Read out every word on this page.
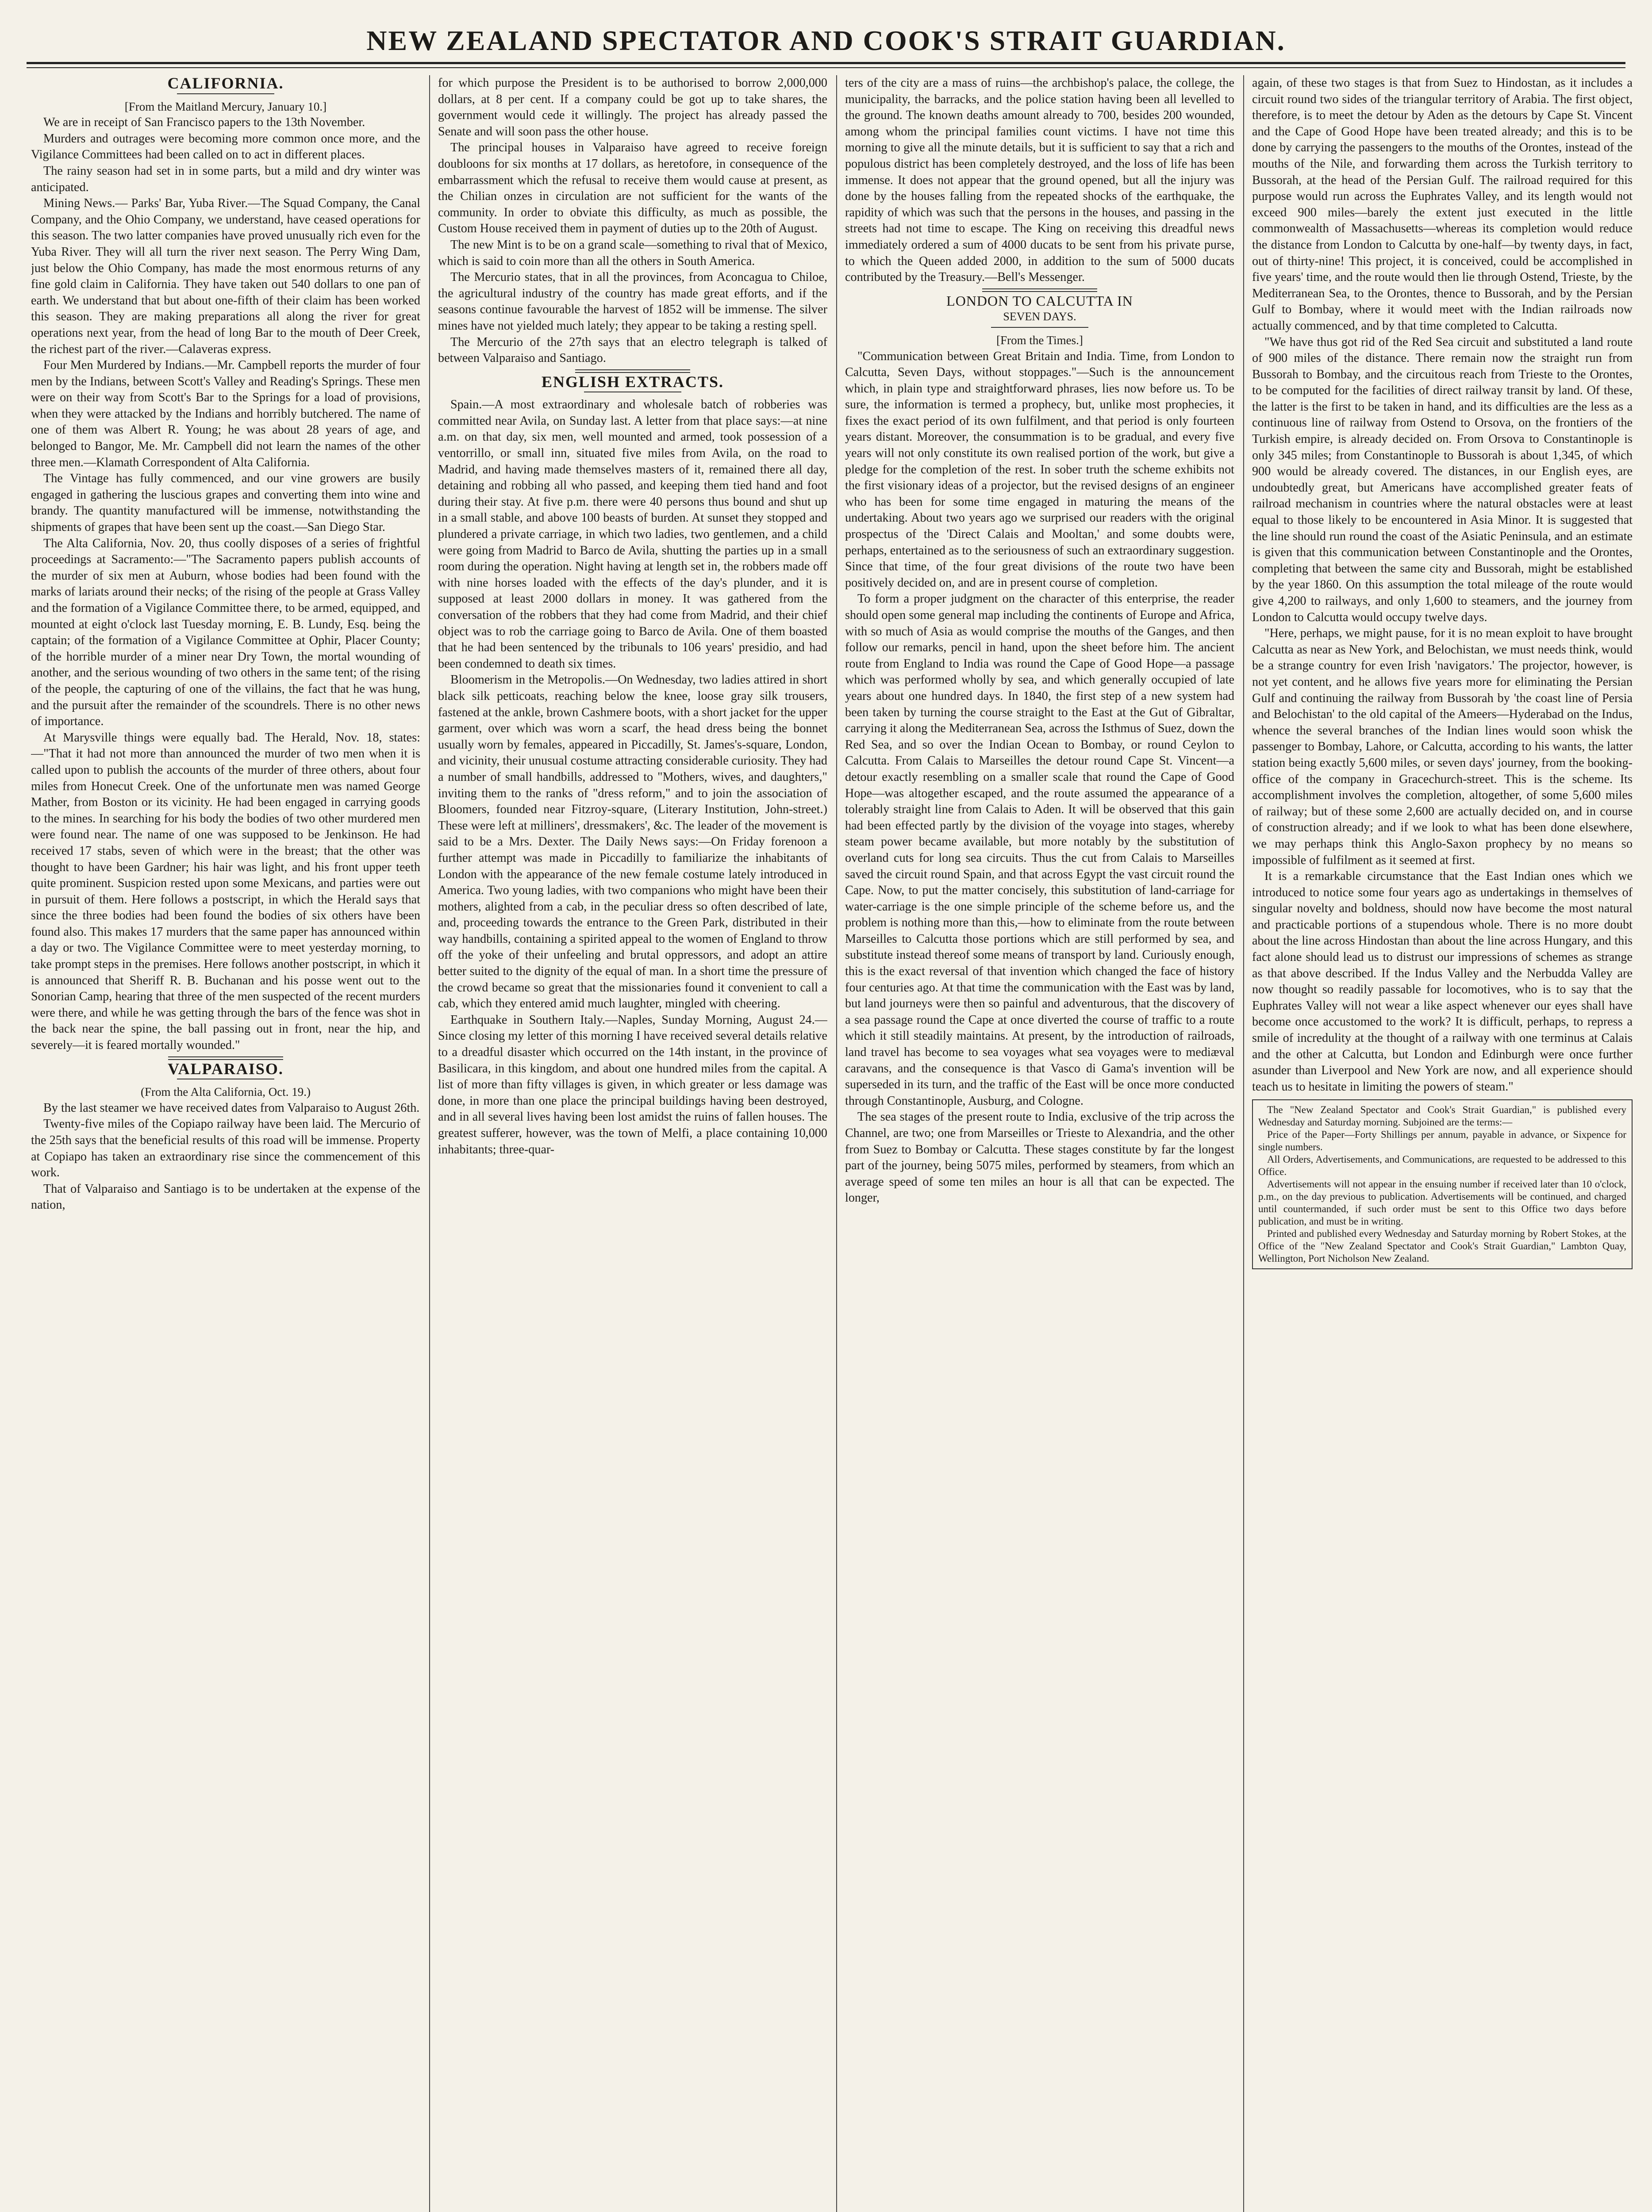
NEW ZEALAND SPECTATOR AND COOK'S STRAIT GUARDIAN.

CALIFORNIA.

[From the Maitland Mercury, January 10.]

We are in receipt of San Francisco papers to the 13th November.

Murders and outrages were becoming more common once more, and the Vigilance Committees had been called on to act in different places.

The rainy season had set in in some parts, but a mild and dry winter was anticipated.

Mining News.— Parks' Bar, Yuba River.—The Squad Company, the Canal Company, and the Ohio Company, we understand, have ceased operations for this season. The two latter companies have proved unusually rich even for the Yuba River. They will all turn the river next season. The Perry Wing Dam, just below the Ohio Company, has made the most enormous returns of any fine gold claim in California. They have taken out 540 dollars to one pan of earth. We understand that but about one-fifth of their claim has been worked this season. They are making preparations all along the river for great operations next year, from the head of long Bar to the mouth of Deer Creek, the richest part of the river.—Calaveras express.

Four Men Murdered by Indians.—Mr. Campbell reports the murder of four men by the Indians, between Scott's Valley and Reading's Springs. These men were on their way from Scott's Bar to the Springs for a load of provisions, when they were attacked by the Indians and horribly butchered. The name of one of them was Albert R. Young; he was about 28 years of age, and belonged to Bangor, Me. Mr. Campbell did not learn the names of the other three men.—Klamath Correspondent of Alta California.

The Vintage has fully commenced, and our vine growers are busily engaged in gathering the luscious grapes and converting them into wine and brandy. The quantity manufactured will be immense, notwithstanding the shipments of grapes that have been sent up the coast.—San Diego Star.

The Alta California, Nov. 20, thus coolly disposes of a series of frightful proceedings at Sacramento:—"The Sacramento papers publish accounts of the murder of six men at Auburn, whose bodies had been found with the marks of lariats around their necks; of the rising of the people at Grass Valley and the formation of a Vigilance Committee there, to be armed, equipped, and mounted at eight o'clock last Tuesday morning, E. B. Lundy, Esq. being the captain; of the formation of a Vigilance Committee at Ophir, Placer County; of the horrible murder of a miner near Dry Town, the mortal wounding of another, and the serious wounding of two others in the same tent; of the rising of the people, the capturing of one of the villains, the fact that he was hung, and the pursuit after the remainder of the scoundrels. There is no other news of importance.

At Marysville things were equally bad. The Herald, Nov. 18, states:—"That it had not more than announced the murder of two men when it is called upon to publish the accounts of the murder of three others, about four miles from Honecut Creek. One of the unfortunate men was named George Mather, from Boston or its vicinity. He had been engaged in carrying goods to the mines. In searching for his body the bodies of two other murdered men were found near. The name of one was supposed to be Jenkinson. He had received 17 stabs, seven of which were in the breast; that the other was thought to have been Gardner; his hair was light, and his front upper teeth quite prominent. Suspicion rested upon some Mexicans, and parties were out in pursuit of them. Here follows a postscript, in which the Herald says that since the three bodies had been found the bodies of six others have been found also. This makes 17 murders that the same paper has announced within a day or two. The Vigilance Committee were to meet yesterday morning, to take prompt steps in the premises. Here follows another postscript, in which it is announced that Sheriff R. B. Buchanan and his posse went out to the Sonorian Camp, hearing that three of the men suspected of the recent murders were there, and while he was getting through the bars of the fence was shot in the back near the spine, the ball passing out in front, near the hip, and severely—it is feared mortally wounded."

VALPARAISO.

(From the Alta California, Oct. 19.)

By the last steamer we have received dates from Valparaiso to August 26th.

Twenty-five miles of the Copiapo railway have been laid. The Mercurio of the 25th says that the beneficial results of this road will be immense. Property at Copiapo has taken an extraordinary rise since the commencement of this work.

That of Valparaiso and Santiago is to be undertaken at the expense of the nation,

for which purpose the President is to be authorised to borrow 2,000,000 dollars, at 8 per cent. If a company could be got up to take shares, the government would cede it willingly. The project has already passed the Senate and will soon pass the other house.

The principal houses in Valparaiso have agreed to receive foreign doubloons for six months at 17 dollars, as heretofore, in consequence of the embarrassment which the refusal to receive them would cause at present, as the Chilian onzes in circulation are not sufficient for the wants of the community. In order to obviate this difficulty, as much as possible, the Custom House received them in payment of duties up to the 20th of August.

The new Mint is to be on a grand scale—something to rival that of Mexico, which is said to coin more than all the others in South America.

The Mercurio states, that in all the provinces, from Aconcagua to Chiloe, the agricultural industry of the country has made great efforts, and if the seasons continue favourable the harvest of 1852 will be immense. The silver mines have not yielded much lately; they appear to be taking a resting spell.

The Mercurio of the 27th says that an electro telegraph is talked of between Valparaiso and Santiago.

ENGLISH EXTRACTS.

Spain.—A most extraordinary and wholesale batch of robberies was committed near Avila, on Sunday last. A letter from that place says:—at nine a.m. on that day, six men, well mounted and armed, took possession of a ventorrillo, or small inn, situated five miles from Avila, on the road to Madrid, and having made themselves masters of it, remained there all day, detaining and robbing all who passed, and keeping them tied hand and foot during their stay. At five p.m. there were 40 persons thus bound and shut up in a small stable, and above 100 beasts of burden. At sunset they stopped and plundered a private carriage, in which two ladies, two gentlemen, and a child were going from Madrid to Barco de Avila, shutting the parties up in a small room during the operation. Night having at length set in, the robbers made off with nine horses loaded with the effects of the day's plunder, and it is supposed at least 2000 dollars in money. It was gathered from the conversation of the robbers that they had come from Madrid, and their chief object was to rob the carriage going to Barco de Avila. One of them boasted that he had been sentenced by the tribunals to 106 years' presidio, and had been condemned to death six times.

Bloomerism in the Metropolis.—On Wednesday, two ladies attired in short black silk petticoats, reaching below the knee, loose gray silk trousers, fastened at the ankle, brown Cashmere boots, with a short jacket for the upper garment, over which was worn a scarf, the head dress being the bonnet usually worn by females, appeared in Piccadilly, St. James's-square, London, and vicinity, their unusual costume attracting considerable curiosity. They had a number of small handbills, addressed to "Mothers, wives, and daughters," inviting them to the ranks of "dress reform," and to join the association of Bloomers, founded near Fitzroy-square, (Literary Institution, John-street.) These were left at milliners', dressmakers', &c. The leader of the movement is said to be a Mrs. Dexter. The Daily News says:—On Friday forenoon a further attempt was made in Piccadilly to familiarize the inhabitants of London with the appearance of the new female costume lately introduced in America. Two young ladies, with two companions who might have been their mothers, alighted from a cab, in the peculiar dress so often described of late, and, proceeding towards the entrance to the Green Park, distributed in their way handbills, containing a spirited appeal to the women of England to throw off the yoke of their unfeeling and brutal oppressors, and adopt an attire better suited to the dignity of the equal of man. In a short time the pressure of the crowd became so great that the missionaries found it convenient to call a cab, which they entered amid much laughter, mingled with cheering.

Earthquake in Southern Italy.—Naples, Sunday Morning, August 24.—Since closing my letter of this morning I have received several details relative to a dreadful disaster which occurred on the 14th instant, in the province of Basilicara, in this kingdom, and about one hundred miles from the capital. A list of more than fifty villages is given, in which greater or less damage was done, in more than one place the principal buildings having been destroyed, and in all several lives having been lost amidst the ruins of fallen houses. The greatest sufferer, however, was the town of Melfi, a place containing 10,000 inhabitants; three-quar-

ters of the city are a mass of ruins—the archbishop's palace, the college, the municipality, the barracks, and the police station having been all levelled to the ground. The known deaths amount already to 700, besides 200 wounded, among whom the principal families count victims. I have not time this morning to give all the minute details, but it is sufficient to say that a rich and populous district has been completely destroyed, and the loss of life has been immense. It does not appear that the ground opened, but all the injury was done by the houses falling from the repeated shocks of the earthquake, the rapidity of which was such that the persons in the houses, and passing in the streets had not time to escape. The King on receiving this dreadful news immediately ordered a sum of 4000 ducats to be sent from his private purse, to which the Queen added 2000, in addition to the sum of 5000 ducats contributed by the Treasury.—Bell's Messenger.

LONDON TO CALCUTTA IN

SEVEN DAYS.

[From the Times.]

"Communication between Great Britain and India. Time, from London to Calcutta, Seven Days, without stoppages."—Such is the announcement which, in plain type and straightforward phrases, lies now before us. To be sure, the information is termed a prophecy, but, unlike most prophecies, it fixes the exact period of its own fulfilment, and that period is only fourteen years distant. Moreover, the consummation is to be gradual, and every five years will not only constitute its own realised portion of the work, but give a pledge for the completion of the rest. In sober truth the scheme exhibits not the first visionary ideas of a projector, but the revised designs of an engineer who has been for some time engaged in maturing the means of the undertaking. About two years ago we surprised our readers with the original prospectus of the 'Direct Calais and Mooltan,' and some doubts were, perhaps, entertained as to the seriousness of such an extraordinary suggestion. Since that time, of the four great divisions of the route two have been positively decided on, and are in present course of completion.

To form a proper judgment on the character of this enterprise, the reader should open some general map including the continents of Europe and Africa, with so much of Asia as would comprise the mouths of the Ganges, and then follow our remarks, pencil in hand, upon the sheet before him. The ancient route from England to India was round the Cape of Good Hope—a passage which was performed wholly by sea, and which generally occupied of late years about one hundred days. In 1840, the first step of a new system had been taken by turning the course straight to the East at the Gut of Gibraltar, carrying it along the Mediterranean Sea, across the Isthmus of Suez, down the Red Sea, and so over the Indian Ocean to Bombay, or round Ceylon to Calcutta. From Calais to Marseilles the detour round Cape St. Vincent—a detour exactly resembling on a smaller scale that round the Cape of Good Hope—was altogether escaped, and the route assumed the appearance of a tolerably straight line from Calais to Aden. It will be observed that this gain had been effected partly by the division of the voyage into stages, whereby steam power became available, but more notably by the substitution of overland cuts for long sea circuits. Thus the cut from Calais to Marseilles saved the circuit round Spain, and that across Egypt the vast circuit round the Cape. Now, to put the matter concisely, this substitution of land-carriage for water-carriage is the one simple principle of the scheme before us, and the problem is nothing more than this,—how to eliminate from the route between Marseilles to Calcutta those portions which are still performed by sea, and substitute instead thereof some means of transport by land. Curiously enough, this is the exact reversal of that invention which changed the face of history four centuries ago. At that time the communication with the East was by land, but land journeys were then so painful and adventurous, that the discovery of a sea passage round the Cape at once diverted the course of traffic to a route which it still steadily maintains. At present, by the introduction of railroads, land travel has become to sea voyages what sea voyages were to mediæval caravans, and the consequence is that Vasco di Gama's invention will be superseded in its turn, and the traffic of the East will be once more conducted through Constantinople, Ausburg, and Cologne.

The sea stages of the present route to India, exclusive of the trip across the Channel, are two; one from Marseilles or Trieste to Alexandria, and the other from Suez to Bombay or Calcutta. These stages constitute by far the longest part of the journey, being 5075 miles, performed by steamers, from which an average speed of some ten miles an hour is all that can be expected. The longer,

again, of these two stages is that from Suez to Hindostan, as it includes a circuit round two sides of the triangular territory of Arabia. The first object, therefore, is to meet the detour by Aden as the detours by Cape St. Vincent and the Cape of Good Hope have been treated already; and this is to be done by carrying the passengers to the mouths of the Orontes, instead of the mouths of the Nile, and forwarding them across the Turkish territory to Bussorah, at the head of the Persian Gulf. The railroad required for this purpose would run across the Euphrates Valley, and its length would not exceed 900 miles—barely the extent just executed in the little commonwealth of Massachusetts—whereas its completion would reduce the distance from London to Calcutta by one-half—by twenty days, in fact, out of thirty-nine! This project, it is conceived, could be accomplished in five years' time, and the route would then lie through Ostend, Trieste, by the Mediterranean Sea, to the Orontes, thence to Bussorah, and by the Persian Gulf to Bombay, where it would meet with the Indian railroads now actually commenced, and by that time completed to Calcutta.

"We have thus got rid of the Red Sea circuit and substituted a land route of 900 miles of the distance. There remain now the straight run from Bussorah to Bombay, and the circuitous reach from Trieste to the Orontes, to be computed for the facilities of direct railway transit by land. Of these, the latter is the first to be taken in hand, and its difficulties are the less as a continuous line of railway from Ostend to Orsova, on the frontiers of the Turkish empire, is already decided on. From Orsova to Constantinople is only 345 miles; from Constantinople to Bussorah is about 1,345, of which 900 would be already covered. The distances, in our English eyes, are undoubtedly great, but Americans have accomplished greater feats of railroad mechanism in countries where the natural obstacles were at least equal to those likely to be encountered in Asia Minor. It is suggested that the line should run round the coast of the Asiatic Peninsula, and an estimate is given that this communication between Constantinople and the Orontes, completing that between the same city and Bussorah, might be established by the year 1860. On this assumption the total mileage of the route would give 4,200 to railways, and only 1,600 to steamers, and the journey from London to Calcutta would occupy twelve days.

"Here, perhaps, we might pause, for it is no mean exploit to have brought Calcutta as near as New York, and Belochistan, we must needs think, would be a strange country for even Irish 'navigators.' The projector, however, is not yet content, and he allows five years more for eliminating the Persian Gulf and continuing the railway from Bussorah by 'the coast line of Persia and Belochistan' to the old capital of the Ameers—Hyderabad on the Indus, whence the several branches of the Indian lines would soon whisk the passenger to Bombay, Lahore, or Calcutta, according to his wants, the latter station being exactly 5,600 miles, or seven days' journey, from the booking-office of the company in Gracechurch-street. This is the scheme. Its accomplishment involves the completion, altogether, of some 5,600 miles of railway; but of these some 2,600 are actually decided on, and in course of construction already; and if we look to what has been done elsewhere, we may perhaps think this Anglo-Saxon prophecy by no means so impossible of fulfilment as it seemed at first.

It is a remarkable circumstance that the East Indian ones which we introduced to notice some four years ago as undertakings in themselves of singular novelty and boldness, should now have become the most natural and practicable portions of a stupendous whole. There is no more doubt about the line across Hindostan than about the line across Hungary, and this fact alone should lead us to distrust our impressions of schemes as strange as that above described. If the Indus Valley and the Nerbudda Valley are now thought so readily passable for locomotives, who is to say that the Euphrates Valley will not wear a like aspect whenever our eyes shall have become once accustomed to the work? It is difficult, perhaps, to repress a smile of incredulity at the thought of a railway with one terminus at Calais and the other at Calcutta, but London and Edinburgh were once further asunder than Liverpool and New York are now, and all experience should teach us to hesitate in limiting the powers of steam."

The "New Zealand Spectator and Cook's Strait Guardian," is published every Wednesday and Saturday morning. Subjoined are the terms:—

Price of the Paper—Forty Shillings per annum, payable in advance, or Sixpence for single numbers.

All Orders, Advertisements, and Communications, are requested to be addressed to this Office.

Advertisements will not appear in the ensuing number if received later than 10 o'clock, p.m., on the day previous to publication. Advertisements will be continued, and charged until countermanded, if such order must be sent to this Office two days before publication, and must be in writing.

Printed and published every Wednesday and Saturday morning by Robert Stokes, at the Office of the "New Zealand Spectator and Cook's Strait Guardian," Lambton Quay, Wellington, Port Nicholson New Zealand.
